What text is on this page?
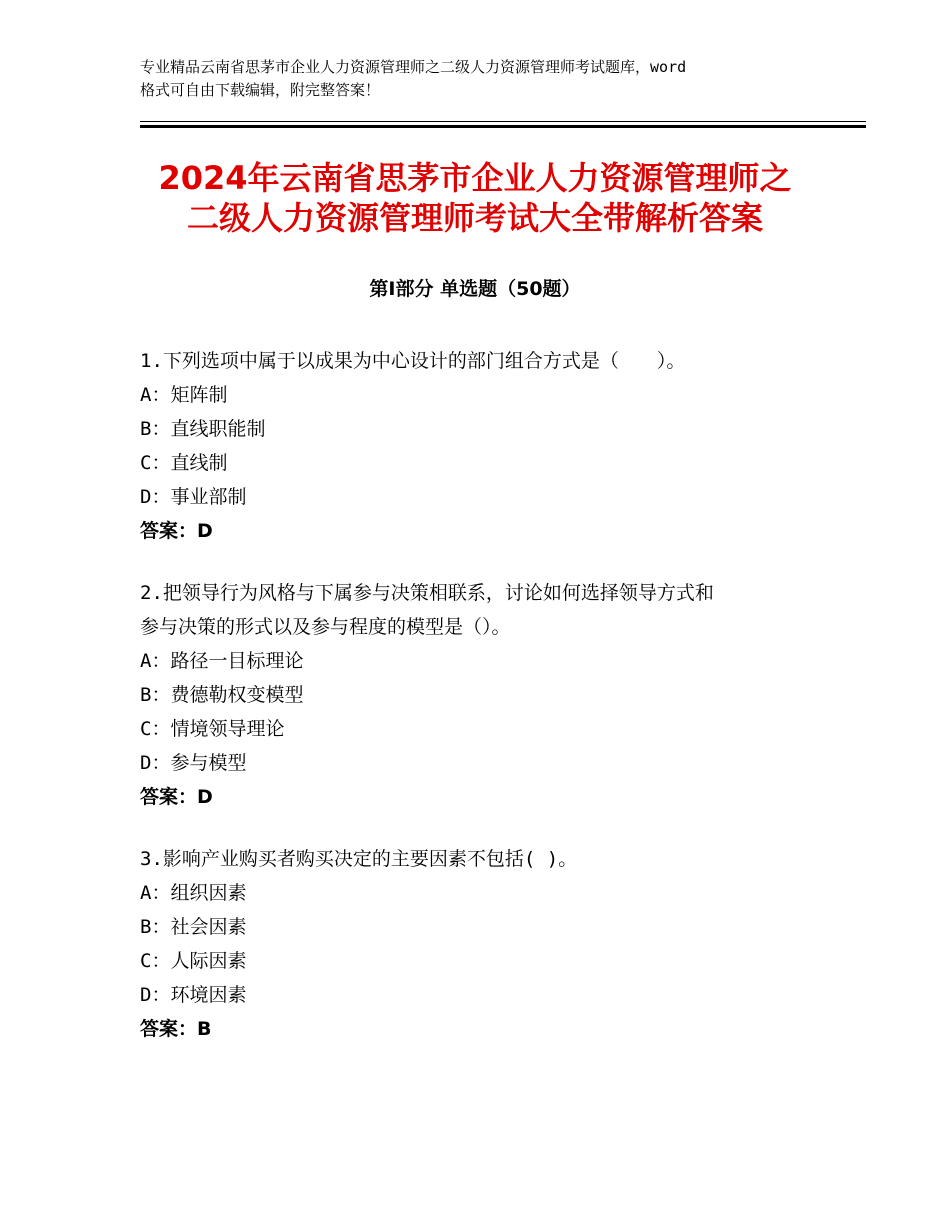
专业精品云南省思茅市企业人力资源管理师之二级人力资源管理师考试题库，word
格式可自由下载编辑，附完整答案！
2024年云南省思茅市企业人力资源管理师之
二级人力资源管理师考试大全带解析答案
第Ⅰ部分 单选题（50题）
1.下列选项中属于以成果为中心设计的部门组合方式是（　　）。
A：矩阵制
B：直线职能制
C：直线制
D：事业部制
答案：D
2.把领导行为风格与下属参与决策相联系，讨论如何选择领导方式和
参与决策的形式以及参与程度的模型是（）。
A：路径一目标理论
B：费德勒权变模型
C：情境领导理论
D：参与模型
答案：D
3.影响产业购买者购买决定的主要因素不包括( )。
A：组织因素
B：社会因素
C：人际因素
D：环境因素
答案：B
